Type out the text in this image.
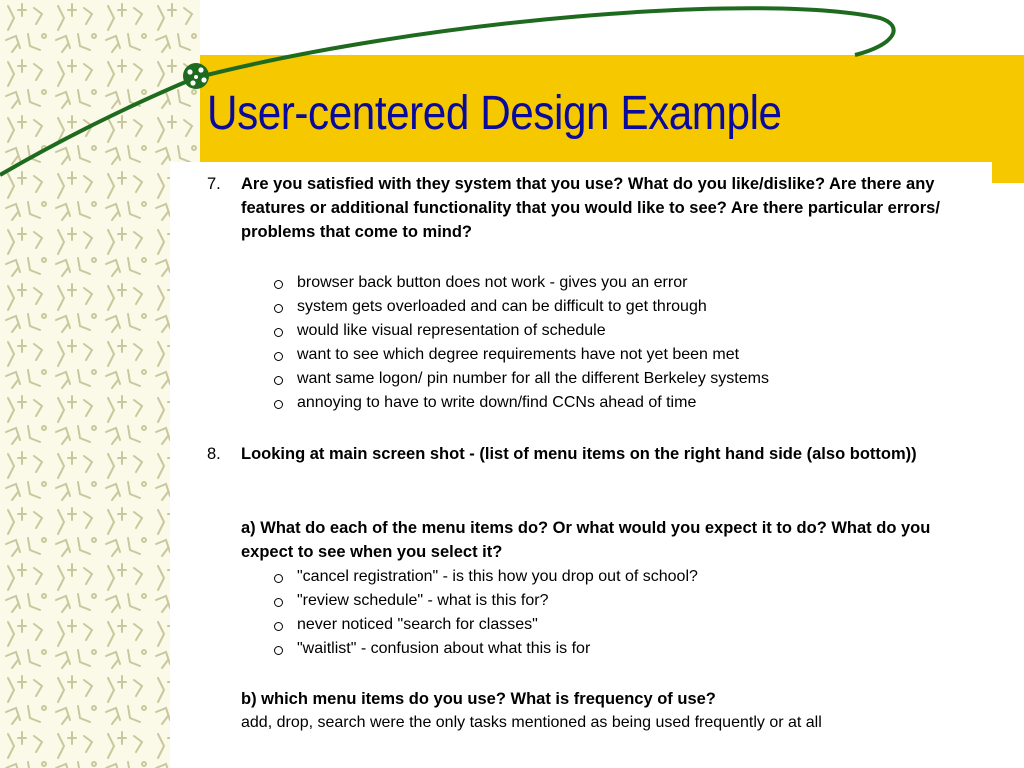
User-centered Design Example
7. Are you satisfied with they system that you use? What do you like/dislike? Are there any features or additional functionality that you would like to see? Are there particular errors/ problems that come to mind?
browser back button does not work - gives you an error
system gets overloaded and can be difficult to get through
would like visual representation of schedule
want to see which degree requirements have not yet been met
want same logon/ pin number for all the different Berkeley systems
annoying to have to write down/find CCNs ahead of time
8. Looking at main screen shot - (list of menu items on the right hand side (also bottom))
a) What do each of the menu items do? Or what would you expect it to do? What do you expect to see when you select it?
"cancel registration" - is this how you drop out of school?
"review schedule" - what is this for?
never noticed "search for classes"
"waitlist" - confusion about what this is for
b) which menu items do you use? What is frequency of use?
add, drop, search were the only tasks mentioned as being used frequently or at all
